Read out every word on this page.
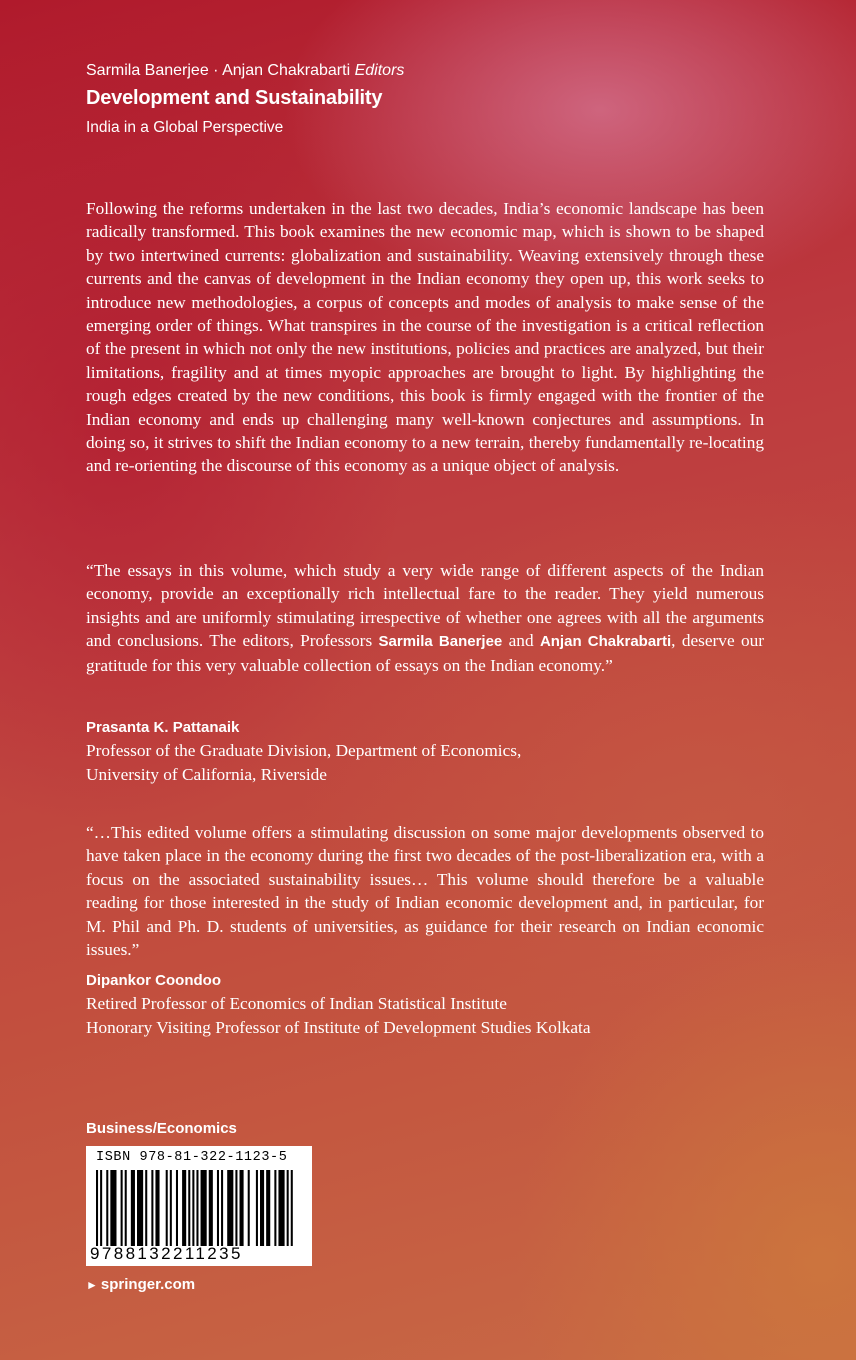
Sarmila Banerjee · Anjan Chakrabarti Editors
Development and Sustainability
India in a Global Perspective
Following the reforms undertaken in the last two decades, India’s economic landscape has been radically transformed. This book examines the new economic map, which is shown to be shaped by two intertwined currents: globalization and sustainability. Weaving extensively through these currents and the canvas of development in the Indian economy they open up, this work seeks to introduce new methodologies, a corpus of concepts and modes of analysis to make sense of the emerging order of things. What transpires in the course of the investigation is a critical reflection of the present in which not only the new institutions, policies and practices are analyzed, but their limitations, fragility and at times myopic approaches are brought to light. By highlighting the rough edges created by the new conditions, this book is firmly engaged with the frontier of the Indian economy and ends up challenging many well-known conjectures and assumptions. In doing so, it strives to shift the Indian economy to a new terrain, thereby fundamentally re-locating and re-orienting the discourse of this economy as a unique object of analysis.
“The essays in this volume, which study a very wide range of different aspects of the Indian economy, provide an exceptionally rich intellectual fare to the reader. They yield numerous insights and are uniformly stimulating irrespective of whether one agrees with all the arguments and conclusions. The editors, Professors Sarmila Banerjee and Anjan Chakrabarti, deserve our gratitude for this very valuable collection of essays on the Indian economy.”
Prasanta K. Pattanaik
Professor of the Graduate Division, Department of Economics,
University of California, Riverside
“…This edited volume offers a stimulating discussion on some major developments observed to have taken place in the economy during the first two decades of the post-liberalization era, with a focus on the associated sustainability issues… This volume should therefore be a valuable reading for those interested in the study of Indian economic development and, in particular, for M. Phil and Ph. D. students of universities, as guidance for their research on Indian economic issues.”
Dipankor Coondoo
Retired Professor of Economics of Indian Statistical Institute
Honorary Visiting Professor of Institute of Development Studies Kolkata
Business/Economics
ISBN 978-81-322-1123-5
9788132211235
► springer.com
